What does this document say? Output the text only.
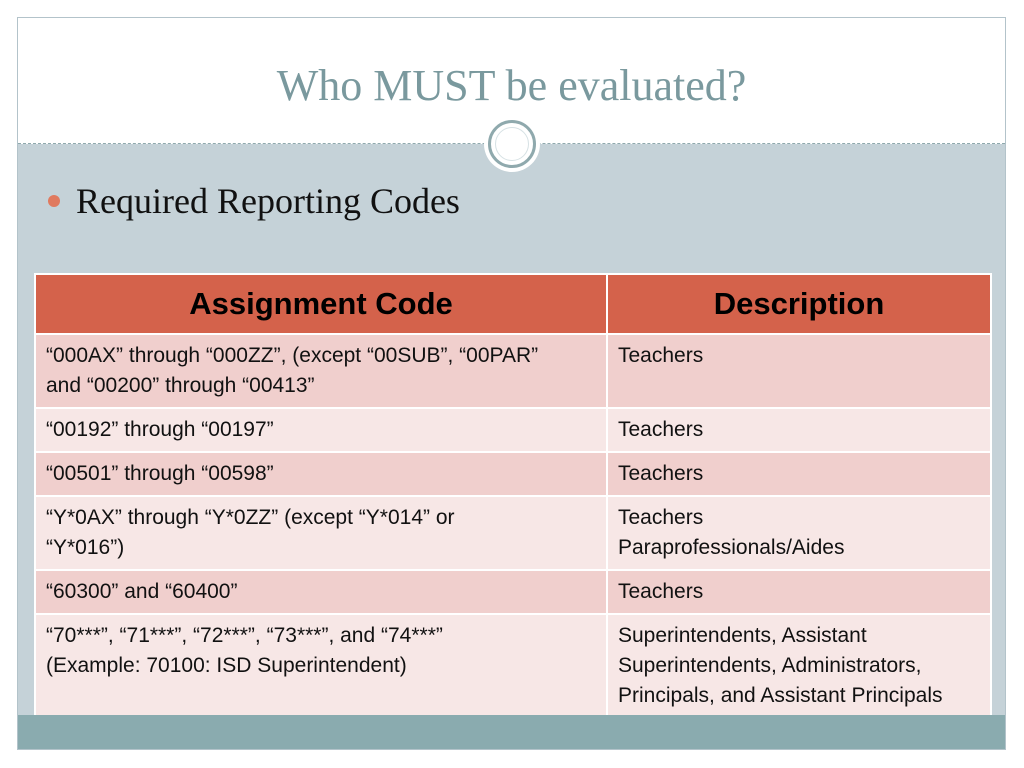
Who MUST be evaluated?
Required Reporting Codes
Assignment Code	Description

“000AX” through “000ZZ”, (except “00SUB”, “00PAR”
and “00200” through “00413”	Teachers

“00192” through “00197”	Teachers

“00501” through “00598”	Teachers

“Y*0AX” through “Y*0ZZ” (except “Y*014” or
“Y*016”)	Teachers
Paraprofessionals/Aides

“60300” and “60400”	Teachers

“70***”, “71***”, “72***”, “73***”, and “74***”
(Example: 70100: ISD Superintendent)	Superintendents, Assistant
Superintendents, Administrators,
Principals, and Assistant Principals
